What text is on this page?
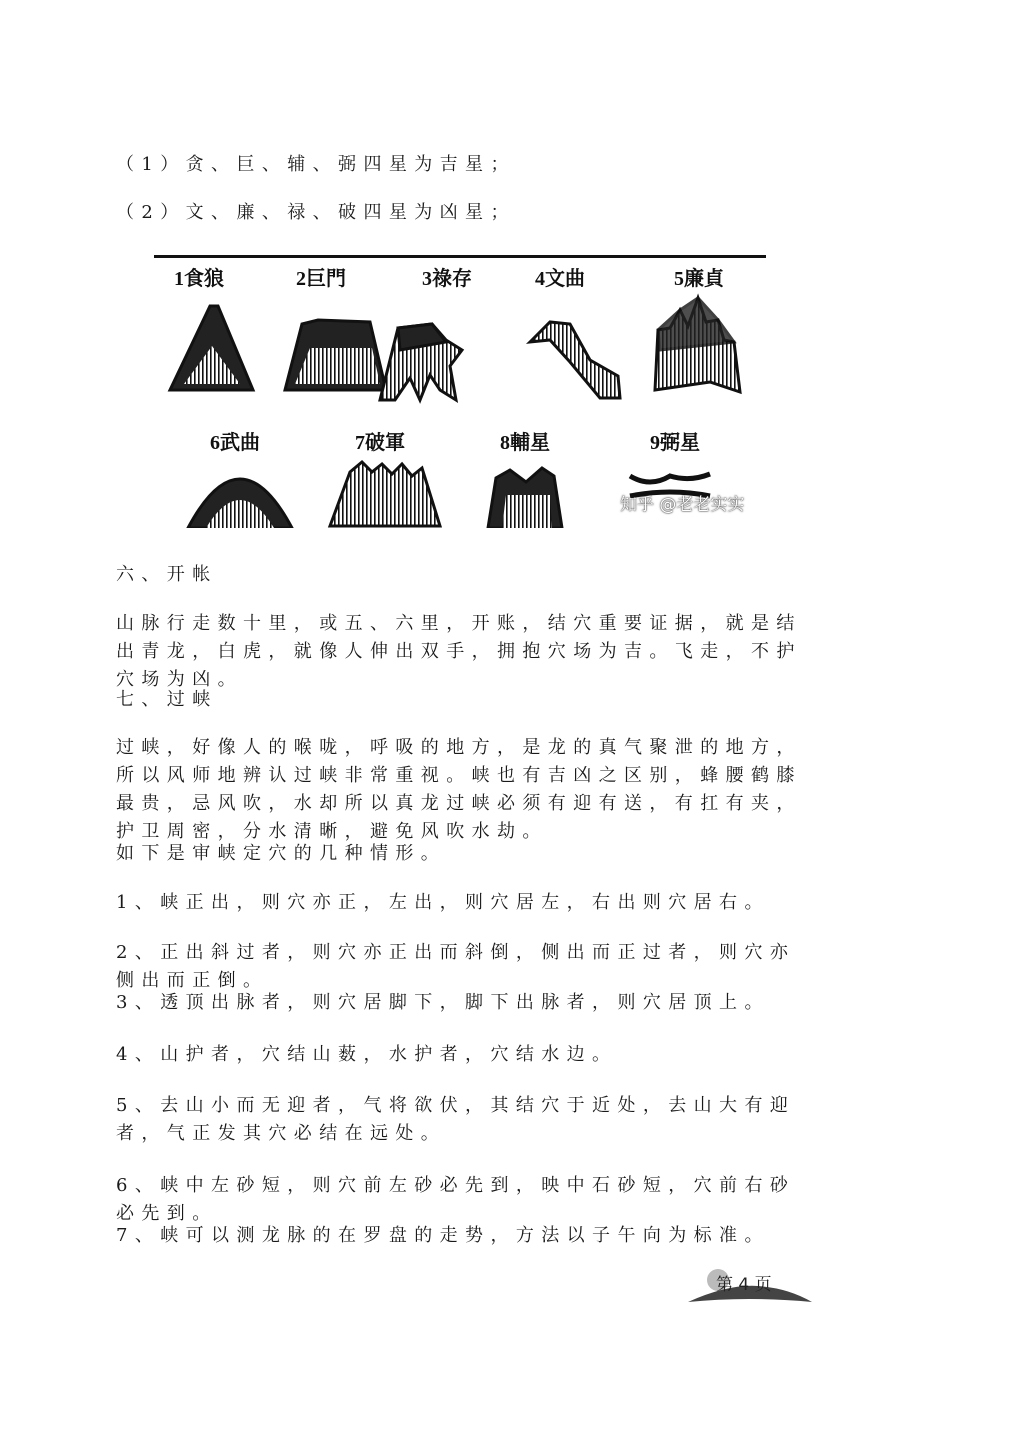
（1）贪、巨、辅、弼四星为吉星；

（2）文、廉、禄、破四星为凶星；

1食狼	2巨門	3祿存	4文曲	5廉貞
6武曲	7破軍	8輔星	9弼星
知乎 @老老实实

六、开帐

山脉行走数十里，或五、六里，开账，结穴重要证据，就是结出青龙，白虎，就像人伸出双手，拥抱穴场为吉。飞走，不护穴场为凶。

七、过峡

过峡，好像人的喉咙，呼吸的地方，是龙的真气聚泄的地方，所以风师地辨认过峡非常重视。峡也有吉凶之区别，蜂腰鹤膝最贵，忌风吹，水却所以真龙过峡必须有迎有送，有扛有夹，护卫周密，分水清晰，避免风吹水劫。

如下是审峡定穴的几种情形。

1、峡正出，则穴亦正，左出，则穴居左，右出则穴居右。

2、正出斜过者，则穴亦正出而斜倒，侧出而正过者，则穴亦侧出而正倒。

3、透顶出脉者，则穴居脚下，脚下出脉者，则穴居顶上。

4、山护者，穴结山薮，水护者，穴结水边。

5、去山小而无迎者，气将欲伏，其结穴于近处，去山大有迎者，气正发其穴必结在远处。

6、峡中左砂短，则穴前左砂必先到，映中石砂短，穴前右砂必先到。

7、峡可以测龙脉的在罗盘的走势，方法以子午向为标准。

第 4 页
